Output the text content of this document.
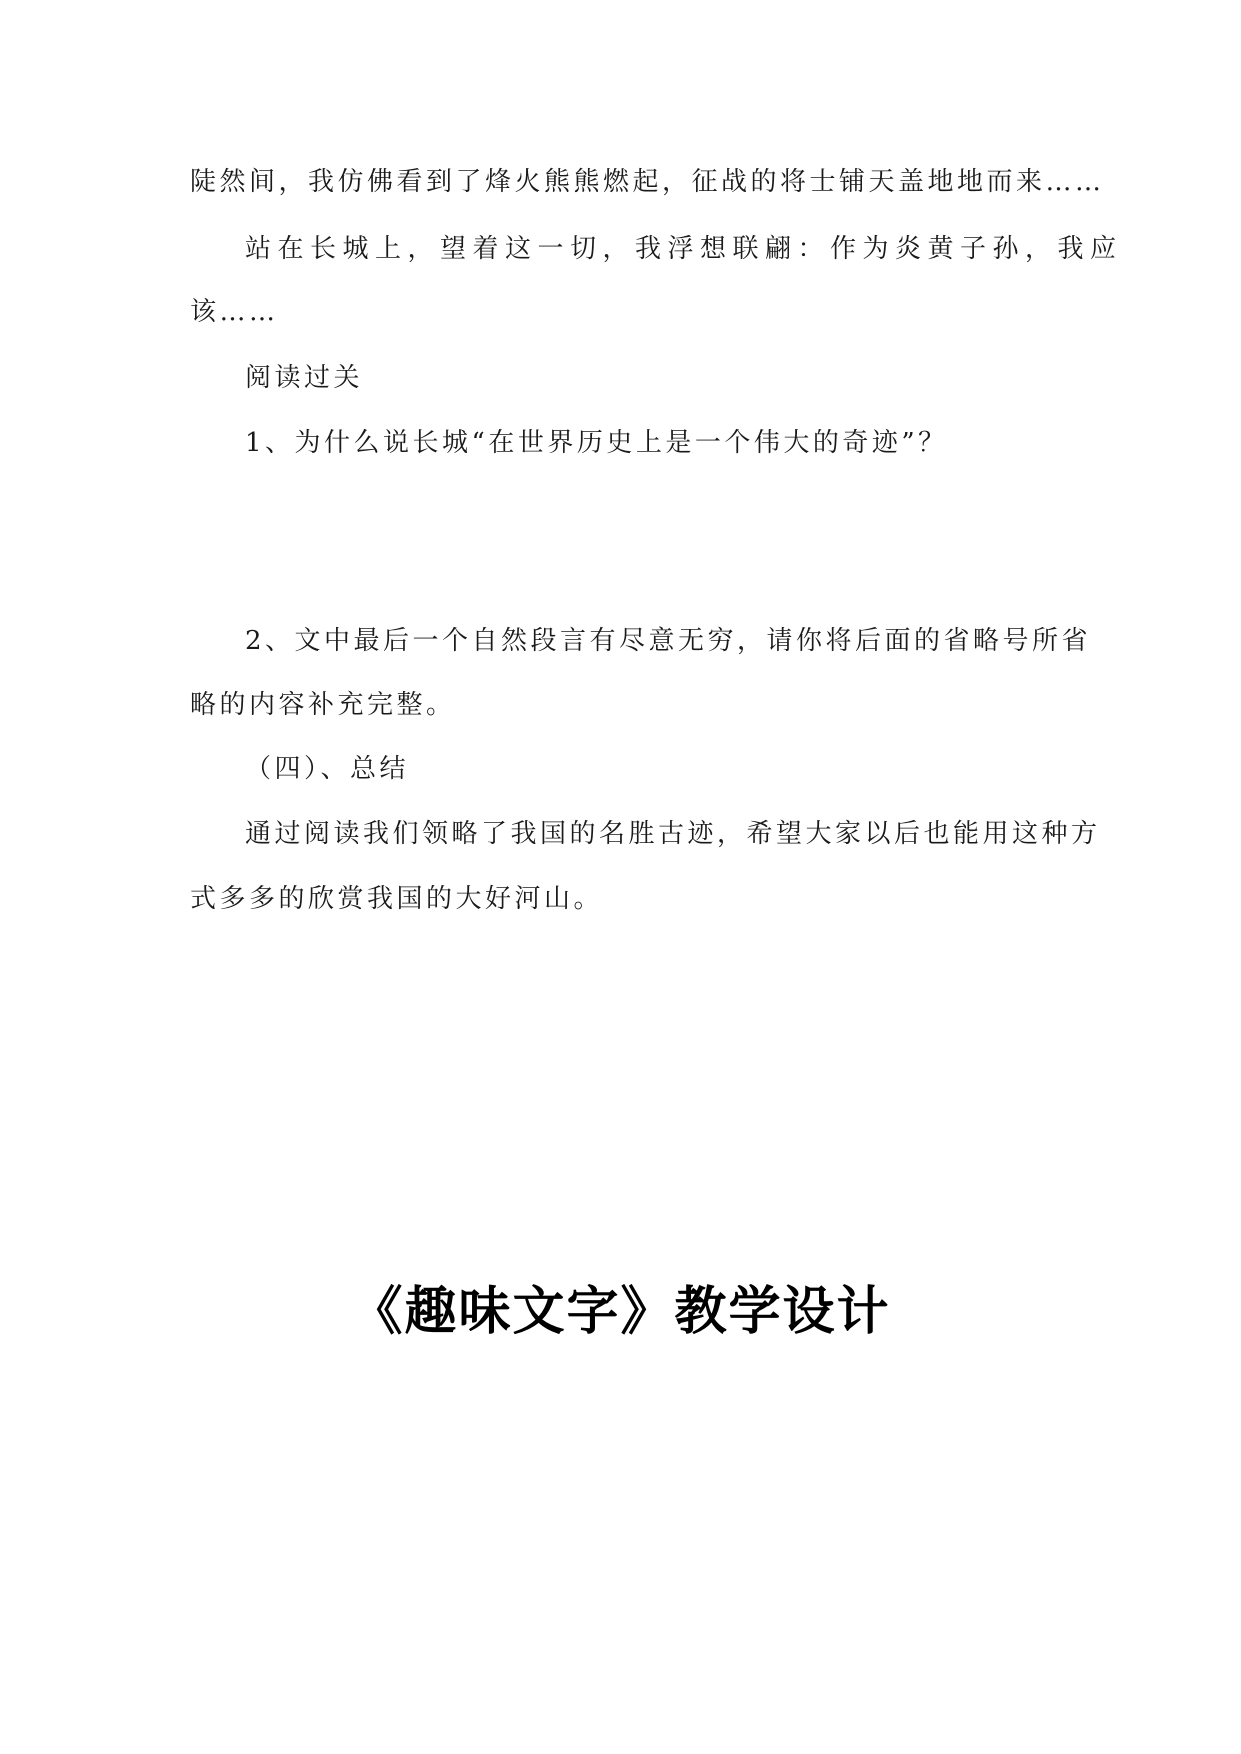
陡然间，我仿佛看到了烽火熊熊燃起，征战的将士铺天盖地地而来……
站在长城上，望着这一切，我浮想联翩：作为炎黄子孙，我应
该……
阅读过关
1、为什么说长城“在世界历史上是一个伟大的奇迹”？
2、文中最后一个自然段言有尽意无穷，请你将后面的省略号所省
略的内容补充完整。
（四）、总结
通过阅读我们领略了我国的名胜古迹，希望大家以后也能用这种方
式多多的欣赏我国的大好河山。
《趣味文字》教学设计
